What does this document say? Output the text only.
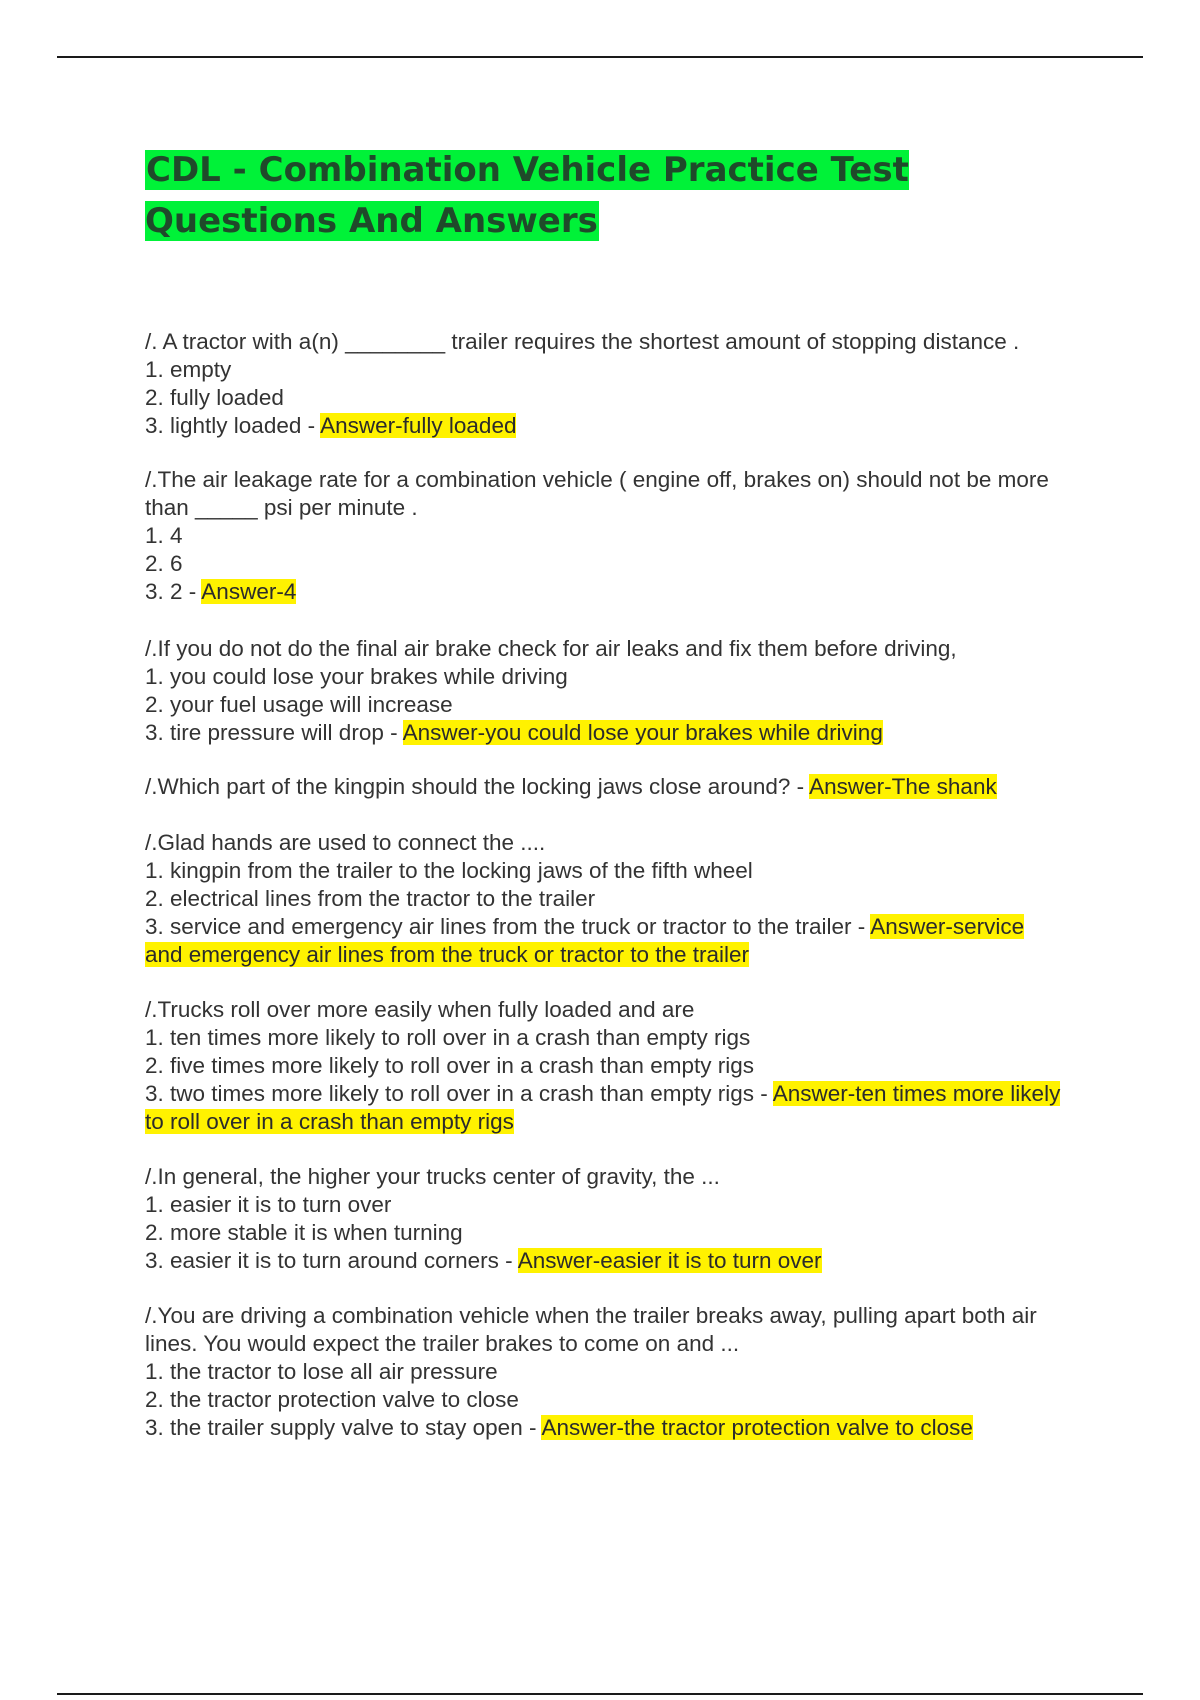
CDL - Combination Vehicle Practice Test Questions And Answers
/. A tractor with a(n) ________ trailer requires the shortest amount of stopping distance .
1. empty
2. fully loaded
3. lightly loaded - Answer-fully loaded
/.The air leakage rate for a combination vehicle ( engine off, brakes on) should not be more than _____ psi per minute .
1. 4
2. 6
3. 2 - Answer-4
/.If you do not do the final air brake check for air leaks and fix them before driving,
1. you could lose your brakes while driving
2. your fuel usage will increase
3. tire pressure will drop - Answer-you could lose your brakes while driving
/.Which part of the kingpin should the locking jaws close around? - Answer-The shank
/.Glad hands are used to connect the ....
1. kingpin from the trailer to the locking jaws of the fifth wheel
2. electrical lines from the tractor to the trailer
3. service and emergency air lines from the truck or tractor to the trailer - Answer-service and emergency air lines from the truck or tractor to the trailer
/.Trucks roll over more easily when fully loaded and are
1. ten times more likely to roll over in a crash than empty rigs
2. five times more likely to roll over in a crash than empty rigs
3. two times more likely to roll over in a crash than empty rigs - Answer-ten times more likely to roll over in a crash than empty rigs
/.In general, the higher your trucks center of gravity, the ...
1. easier it is to turn over
2. more stable it is when turning
3. easier it is to turn around corners - Answer-easier it is to turn over
/.You are driving a combination vehicle when the trailer breaks away, pulling apart both air lines. You would expect the trailer brakes to come on and ...
1. the tractor to lose all air pressure
2. the tractor protection valve to close
3. the trailer supply valve to stay open - Answer-the tractor protection valve to close
